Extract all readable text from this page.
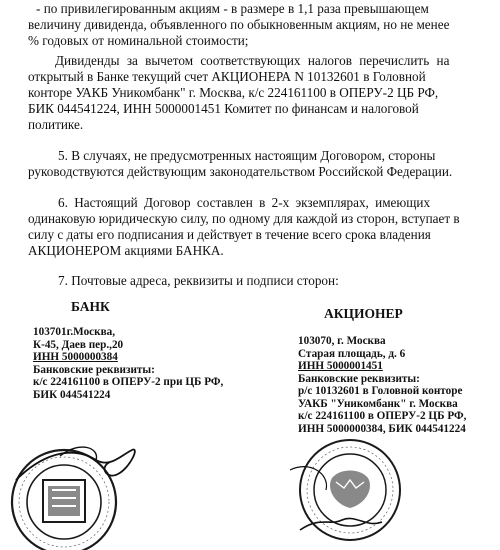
- по привилегированным акциям - в размере в 1,1 раза превышающем
величину дивиденда, объявленного по обыкновенным акциям, но не менее
% годовых от номинальной стоимости;
Дивиденды за вычетом соответствующих налогов перечислить на
открытый в Банке текущий счет АКЦИОНЕРА N 10132601 в Головной
конторе УАКБ Уникомбанк" г. Москва, к/с 224161100 в ОПЕРУ-2 ЦБ РФ,
БИК 044541224, ИНН 5000001451 Комитет по финансам и налоговой
политике.
5. В случаях, не предусмотренных настоящим Договором, стороны
руководствуются действующим законодательством Российской Федерации.
6. Настоящий Договор составлен в 2-х экземплярах, имеющих
одинаковую юридическую силу, по одному для каждой из сторон, вступает в
силу с даты его подписания и действует в течение всего срока владения
АКЦИОНЕРОМ акциями БАНКА.
7. Почтовые адреса, реквизиты и подписи сторон:
БАНК	АКЦИОНЕР
103701г.Москва,
К-45, Даев пер.,20
ИНН 5000000384
Банковские реквизиты:
к/с 224161100 в ОПЕРУ-2 при ЦБ РФ,
БИК 044541224
103070, г. Москва
Старая площадь, д. 6
ИНН 5000001451
Банковские реквизиты:
р/с 10132601 в Головной конторе
УАКБ "Уникомбанк" г. Москва
к/с 224161100 в ОПЕРУ-2 ЦБ РФ,
ИНН 5000000384, БИК 044541224
